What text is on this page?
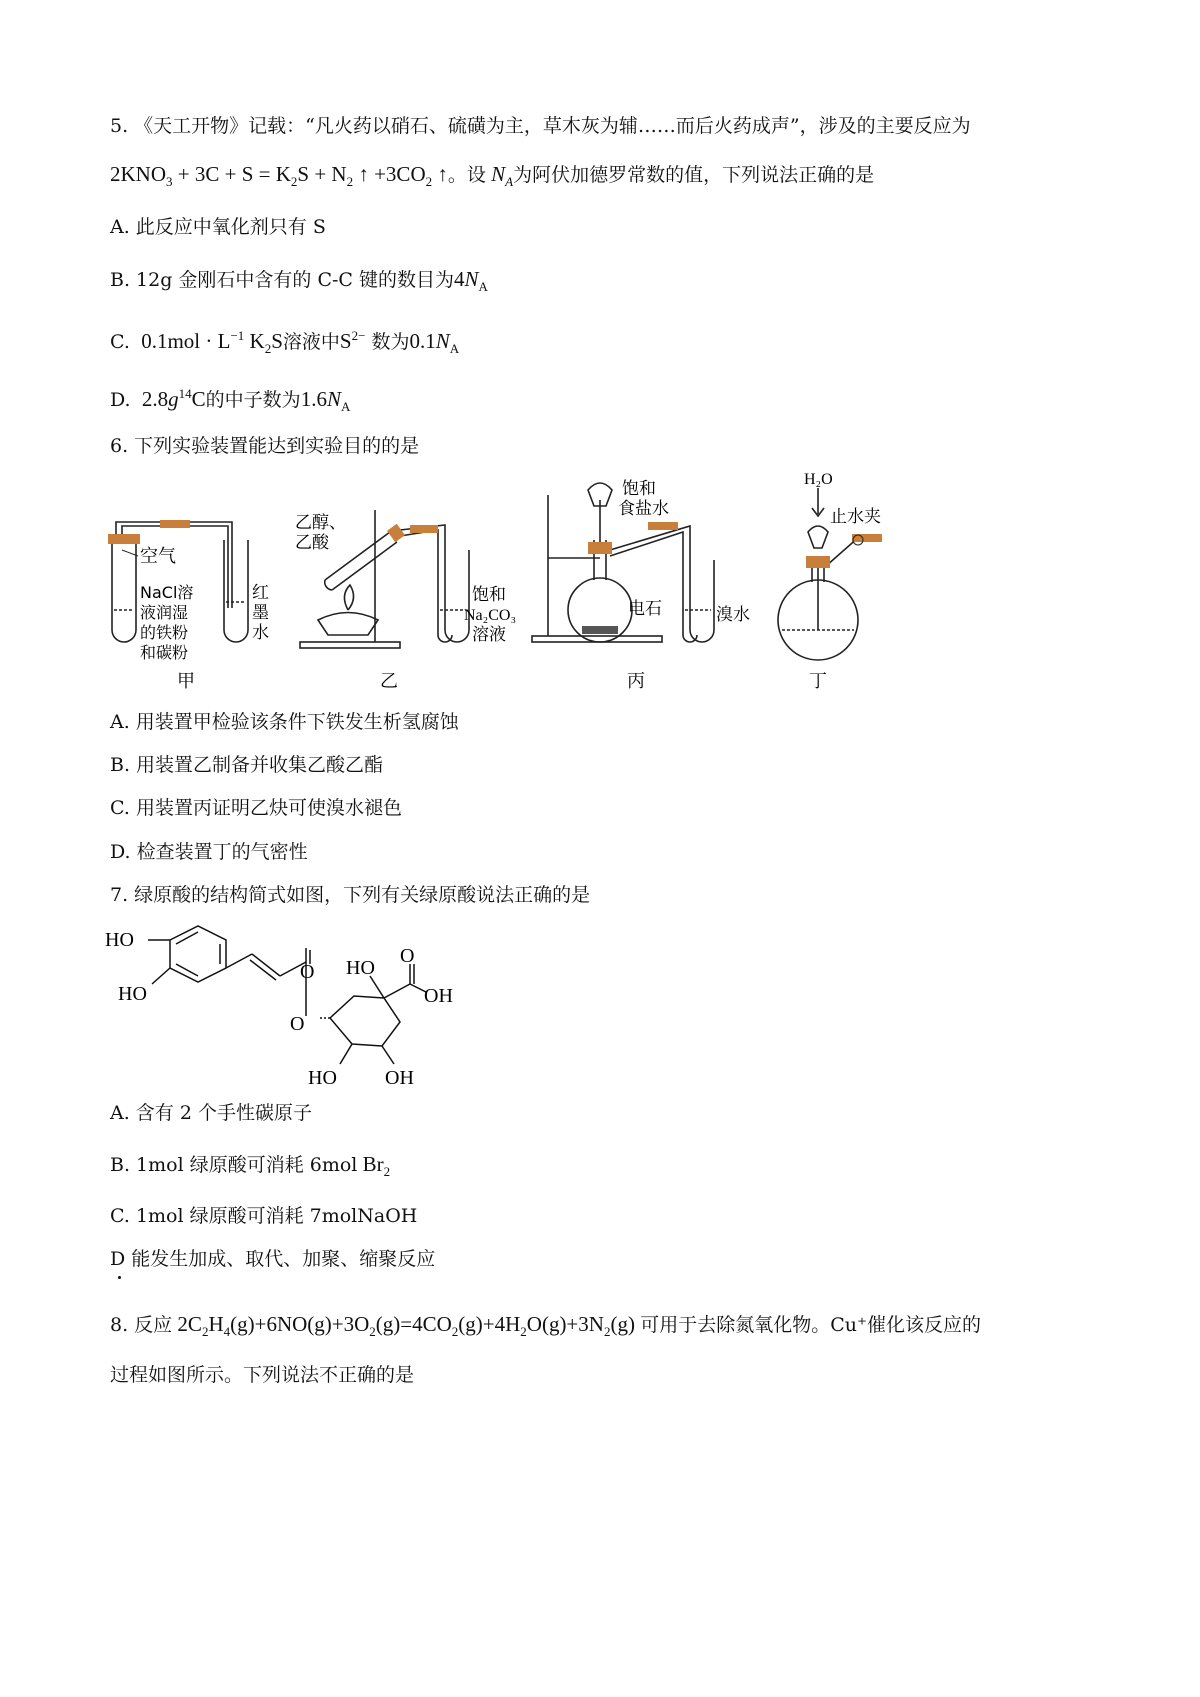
5. 《天工开物》记载：“凡火药以硝石、硫磺为主，草木灰为辅……而后火药成声”，涉及的主要反应为
$2KNO_3 + 3C + S = K_2S + N_2$ ↑ $+3CO_2$ ↑。设 $N_A$为阿伏加德罗常数的值，下列说法正确的是
A. 此反应中氧化剂只有 S
B. 12g 金刚石中含有的 C-C 键的数目为$4N_A$
C.  $0.1mol \cdot L^{-1}$ $K_2S$溶液中$S^{2-}$ 数为$0.1N_A$
D.  $2.8g^{14}C$的中子数为$1.6N_A$
6. 下列实验装置能达到实验目的的是
空气
NaCl溶
液润湿
的铁粉
和碳粉
红
墨
水
乙醇、
乙酸
饱和
Na₂CO₃
溶液
饱和
食盐水
电石	溴水
H₂O
止水夹
甲	乙	丙	丁
A. 用装置甲检验该条件下铁发生析氢腐蚀
B. 用装置乙制备并收集乙酸乙酯
C. 用装置丙证明乙炔可使溴水褪色
D. 检查装置丁的气密性
7. 绿原酸的结构简式如图，下列有关绿原酸说法正确的是
HO
HO
O
O
HO
O
OH
HO OH
A. 含有 2 个手性碳原子
B. 1mol 绿原酸可消耗 6mol $Br_2$
C. 1mol 绿原酸可消耗 7molNaOH
D 能发生加成、取代、加聚、缩聚反应
8. 反应 $2C_2H_4(g)+6NO(g)+3O_2(g)=4CO_2(g)+4H_2O(g)+3N_2(g)$ 可用于去除氮氧化物。Cu⁺催化该反应的
过程如图所示。下列说法不正确的是
